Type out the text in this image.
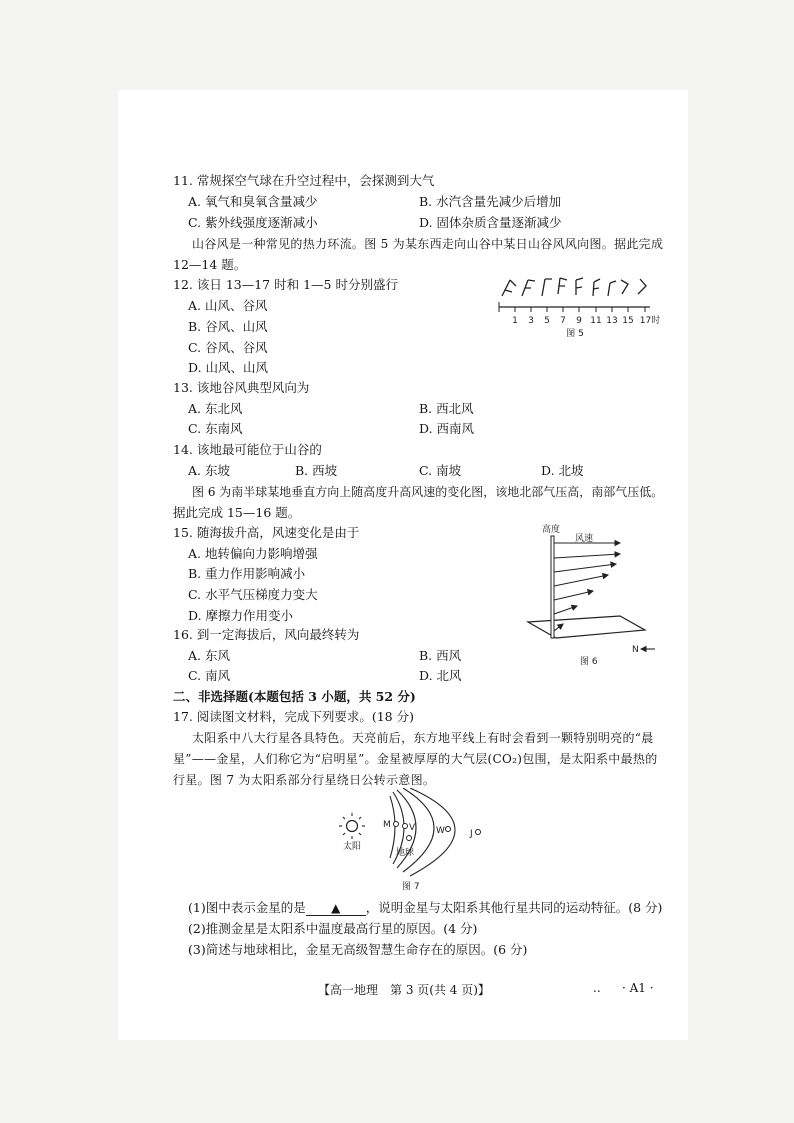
11. 常规探空气球在升空过程中，会探测到大气
A. 氧气和臭氧含量减少	B. 水汽含量先减少后增加
C. 紫外线强度逐渐减小	D. 固体杂质含量逐渐减少
山谷风是一种常见的热力环流。图 5 为某东西走向山谷中某日山谷风风向图。据此完成
12—14 题。
12. 该日 13—17 时和 1—5 时分别盛行
A. 山风、谷风
B. 谷风、山风
C. 谷风、谷风
D. 山风、山风
1 3 5 7 9 11 13 15 17时
图 5
13. 该地谷风典型风向为
A. 东北风	B. 西北风
C. 东南风	D. 西南风
14. 该地最可能位于山谷的
A. 东坡	B. 西坡	C. 南坡	D. 北坡
图 6 为南半球某地垂直方向上随高度升高风速的变化图，该地北部气压高，南部气压低。
据此完成 15—16 题。
15. 随海拔升高，风速变化是由于
A. 地转偏向力影响增强
B. 重力作用影响减小
C. 水平气压梯度力变大
D. 摩擦力作用变小
高度
风速
N
图 6
16. 到一定海拔后，风向最终转为
A. 东风	B. 西风
C. 南风	D. 北风
二、非选择题(本题包括 3 小题，共 52 分)
17. 阅读图文材料，完成下列要求。(18 分)
太阳系中八大行星各具特色。天亮前后，东方地平线上有时会看到一颗特别明亮的“晨
星”——金星，人们称它为“启明星”。金星被厚厚的大气层(CO₂)包围，是太阳系中最热的
行星。图 7 为太阳系部分行星绕日公转示意图。
太阳
M V W	J
地球
图 7
(1)图中表示金星的是 ▲ ，说明金星与太阳系其他行星共同的运动特征。(8 分)
(2)推测金星是太阳系中温度最高行星的原因。(4 分)
(3)简述与地球相比，金星无高级智慧生命存在的原因。(6 分)
【高一地理　第 3 页(共 4 页)】	.. · A1 ·
